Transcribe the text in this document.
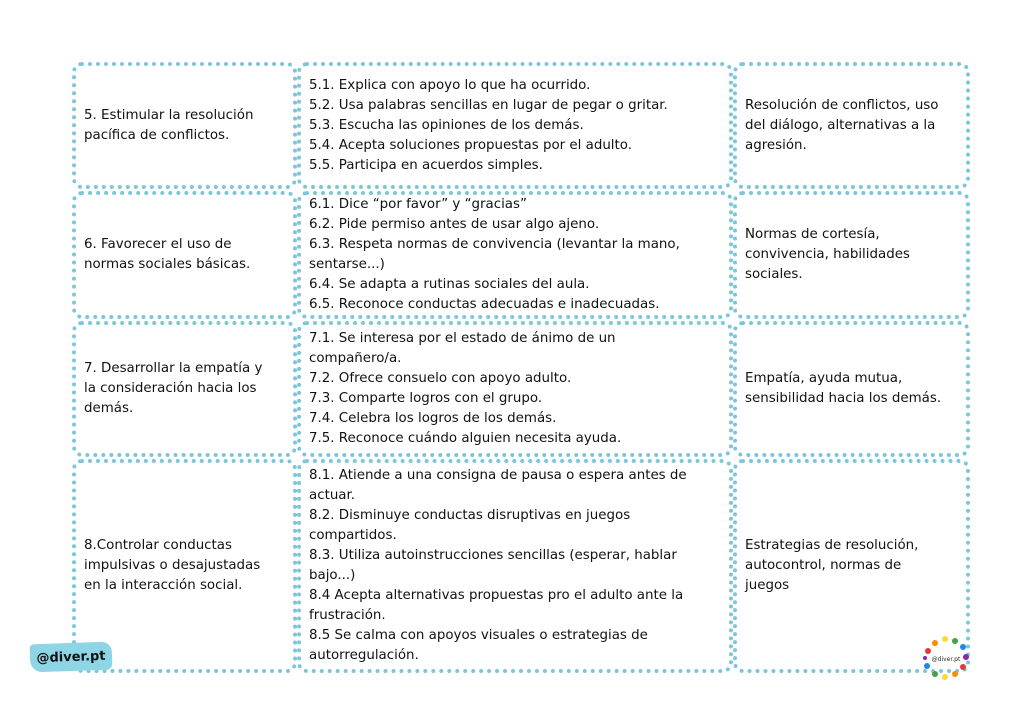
5. Estimular la resolución
pacífica de conflictos.
5.1. Explica con apoyo lo que ha ocurrido.
5.2. Usa palabras sencillas en lugar de pegar o gritar.
5.3. Escucha las opiniones de los demás.
5.4. Acepta soluciones propuestas por el adulto.
5.5. Participa en acuerdos simples.
Resolución de conflictos, uso
del diálogo, alternativas a la
agresión.
6. Favorecer el uso de
normas sociales básicas.
6.1. Dice “por favor” y “gracias”
6.2. Pide permiso antes de usar algo ajeno.
6.3. Respeta normas de convivencia (levantar la mano,
sentarse...)
6.4. Se adapta a rutinas sociales del aula.
6.5. Reconoce conductas adecuadas e inadecuadas.
Normas de cortesía,
convivencia, habilidades
sociales.
7. Desarrollar la empatía y
la consideración hacia los
demás.
7.1. Se interesa por el estado de ánimo de un
compañero/a.
7.2. Ofrece consuelo con apoyo adulto.
7.3. Comparte logros con el grupo.
7.4. Celebra los logros de los demás.
7.5. Reconoce cuándo alguien necesita ayuda.
Empatía, ayuda mutua,
sensibilidad hacia los demás.
8.Controlar conductas
impulsivas o desajustadas
en la interacción social.
8.1. Atiende a una consigna de pausa o espera antes de
actuar.
8.2. Disminuye conductas disruptivas en juegos
compartidos.
8.3. Utiliza autoinstrucciones sencillas (esperar, hablar
bajo...)
8.4 Acepta alternativas propuestas pro el adulto ante la
frustración.
8.5 Se calma con apoyos visuales o estrategias de
autorregulación.
Estrategias de resolución,
autocontrol, normas de
juegos
@diver.pt	@diver.pt
